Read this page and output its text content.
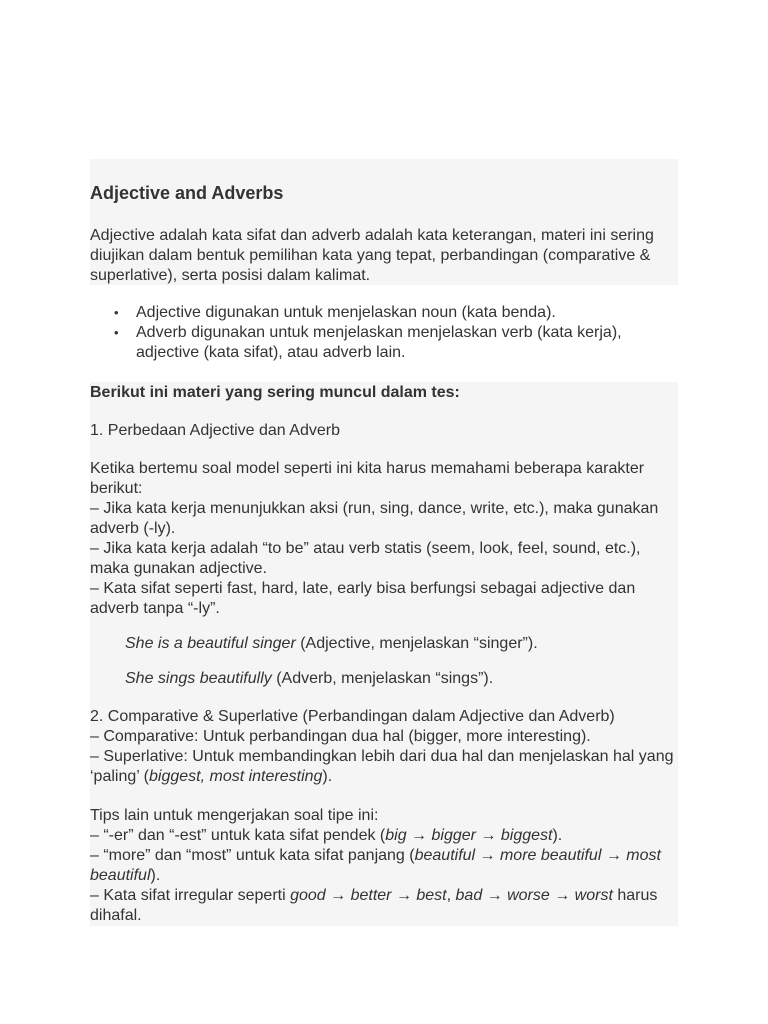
Adjective and Adverbs

Adjective adalah kata sifat dan adverb adalah kata keterangan, materi ini sering diujikan dalam bentuk pemilihan kata yang tepat, perbandingan (comparative & superlative), serta posisi dalam kalimat.

• Adjective digunakan untuk menjelaskan noun (kata benda).
• Adverb digunakan untuk menjelaskan menjelaskan verb (kata kerja), adjective (kata sifat), atau adverb lain.

Berikut ini materi yang sering muncul dalam tes:

1. Perbedaan Adjective dan Adverb

Ketika bertemu soal model seperti ini kita harus memahami beberapa karakter berikut:
– Jika kata kerja menunjukkan aksi (run, sing, dance, write, etc.), maka gunakan adverb (-ly).
– Jika kata kerja adalah “to be” atau verb statis (seem, look, feel, sound, etc.), maka gunakan adjective.
– Kata sifat seperti fast, hard, late, early bisa berfungsi sebagai adjective dan adverb tanpa “-ly”.

She is a beautiful singer (Adjective, menjelaskan “singer”).

She sings beautifully (Adverb, menjelaskan “sings”).

2. Comparative & Superlative (Perbandingan dalam Adjective dan Adverb)
– Comparative: Untuk perbandingan dua hal (bigger, more interesting).
– Superlative: Untuk membandingkan lebih dari dua hal dan menjelaskan hal yang ‘paling’ (biggest, most interesting).
Tips lain untuk mengerjakan soal tipe ini:
– “-er” dan “-est” untuk kata sifat pendek (big → bigger → biggest).
– “more” dan “most” untuk kata sifat panjang (beautiful → more beautiful → most beautiful).
– Kata sifat irregular seperti good → better → best, bad → worse → worst harus dihafal.
